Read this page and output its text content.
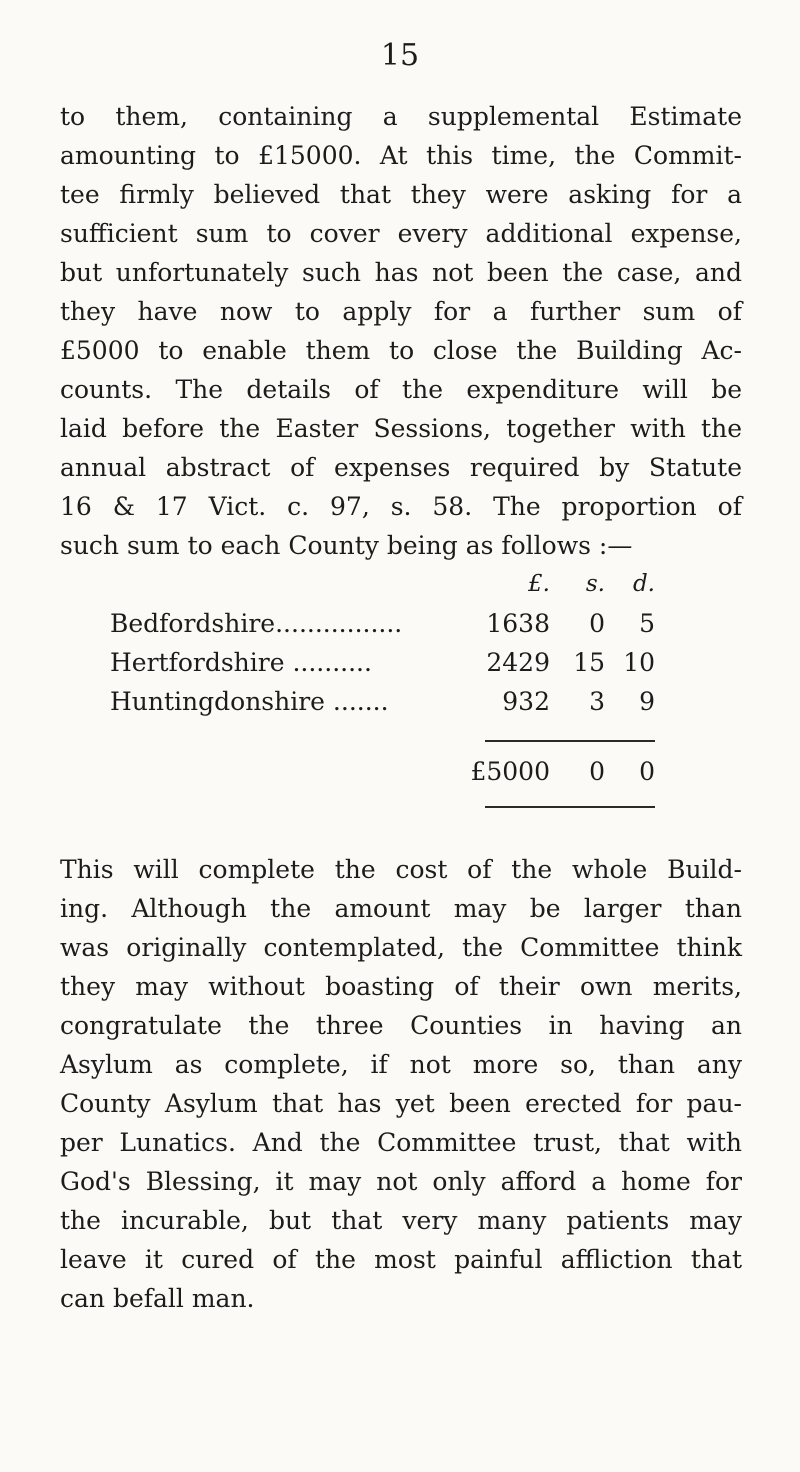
15
to them, containing a supplemental Estimate
amounting to £15000. At this time, the Commit-
tee firmly believed that they were asking for a
sufficient sum to cover every additional expense,
but unfortunately such has not been the case, and
they have now to apply for a further sum of
£5000 to enable them to close the Building Ac-
counts. The details of the expenditure will be
laid before the Easter Sessions, together with the
annual abstract of expenses required by Statute
16 & 17 Vict. c. 97, s. 58. The proportion of
such sum to each County being as follows :—
£.	s.	d.
Bedfordshire................	1638	0	5
Hertfordshire ..........	2429 15 10
Huntingdonshire .......	932	3	9
£5000	0	0
This will complete the cost of the whole Build-
ing. Although the amount may be larger than
was originally contemplated, the Committee think
they may without boasting of their own merits,
congratulate the three Counties in having an
Asylum as complete, if not more so, than any
County Asylum that has yet been erected for pau-
per Lunatics. And the Committee trust, that with
God's Blessing, it may not only afford a home for
the incurable, but that very many patients may
leave it cured of the most painful affliction that
can befall man.
